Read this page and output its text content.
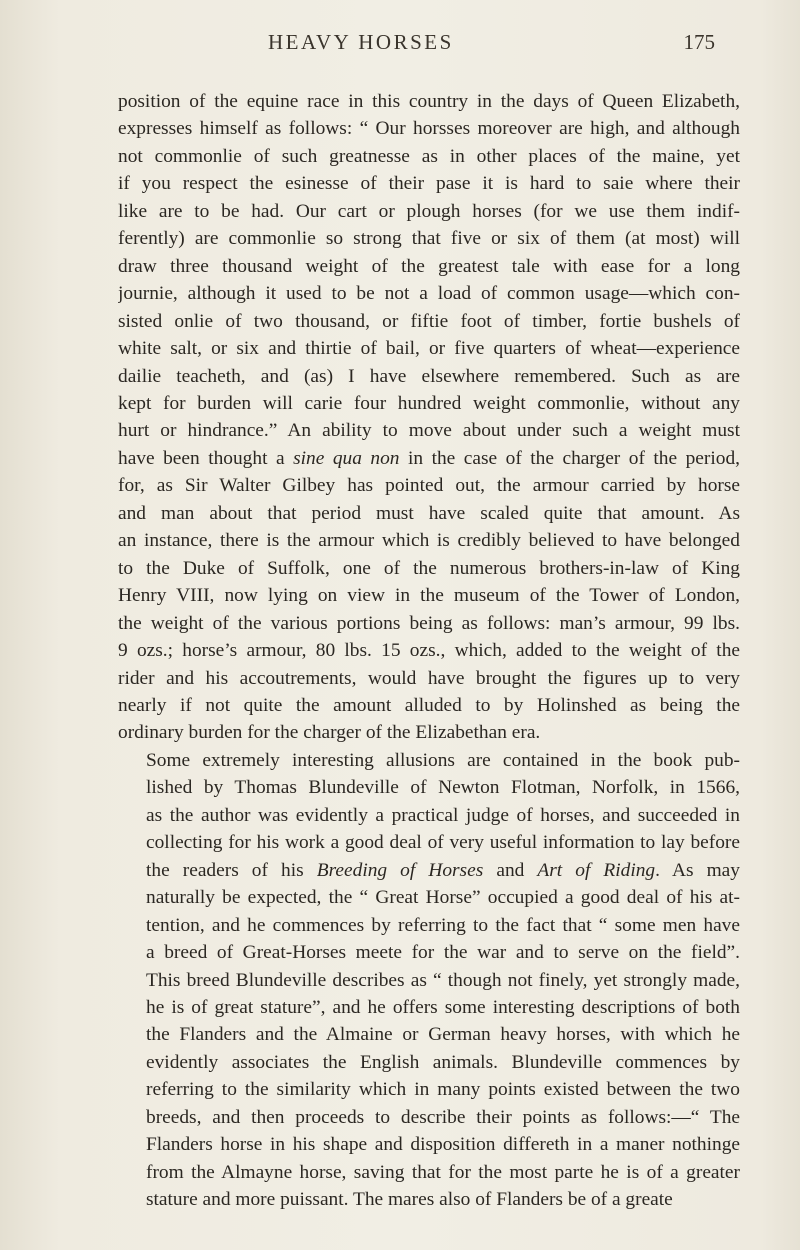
HEAVY HORSES	175

position of the equine race in this country in the days of Queen Elizabeth,
expresses himself as follows: “ Our horsses moreover are high, and although
not commonlie of such greatnesse as in other places of the maine, yet
if you respect the esinesse of their pase it is hard to saie where their
like are to be had. Our cart or plough horses (for we use them indif-
ferently) are commonlie so strong that five or six of them (at most) will
draw three thousand weight of the greatest tale with ease for a long
journie, although it used to be not a load of common usage—which con-
sisted onlie of two thousand, or fiftie foot of timber, fortie bushels of
white salt, or six and thirtie of bail, or five quarters of wheat—experience
dailie teacheth, and (as) I have elsewhere remembered. Such as are
kept for burden will carie four hundred weight commonlie, without any
hurt or hindrance.” An ability to move about under such a weight must
have been thought a sine qua non in the case of the charger of the period,
for, as Sir Walter Gilbey has pointed out, the armour carried by horse
and man about that period must have scaled quite that amount. As
an instance, there is the armour which is credibly believed to have belonged
to the Duke of Suffolk, one of the numerous brothers-in-law of King
Henry VIII, now lying on view in the museum of the Tower of London,
the weight of the various portions being as follows: man’s armour, 99 lbs.
9 ozs.; horse’s armour, 80 lbs. 15 ozs., which, added to the weight of the
rider and his accoutrements, would have brought the figures up to very
nearly if not quite the amount alluded to by Holinshed as being the
ordinary burden for the charger of the Elizabethan era.

Some extremely interesting allusions are contained in the book pub-
lished by Thomas Blundeville of Newton Flotman, Norfolk, in 1566,
as the author was evidently a practical judge of horses, and succeeded in
collecting for his work a good deal of very useful information to lay before
the readers of his Breeding of Horses and Art of Riding. As may
naturally be expected, the “ Great Horse” occupied a good deal of his at-
tention, and he commences by referring to the fact that “ some men have
a breed of Great-Horses meete for the war and to serve on the field”.
This breed Blundeville describes as “ though not finely, yet strongly made,
he is of great stature”, and he offers some interesting descriptions of both
the Flanders and the Almaine or German heavy horses, with which he
evidently associates the English animals. Blundeville commences by
referring to the similarity which in many points existed between the two
breeds, and then proceeds to describe their points as follows:—“ The
Flanders horse in his shape and disposition differeth in a maner nothinge
from the Almayne horse, saving that for the most parte he is of a greater
stature and more puissant. The mares also of Flanders be of a greate
